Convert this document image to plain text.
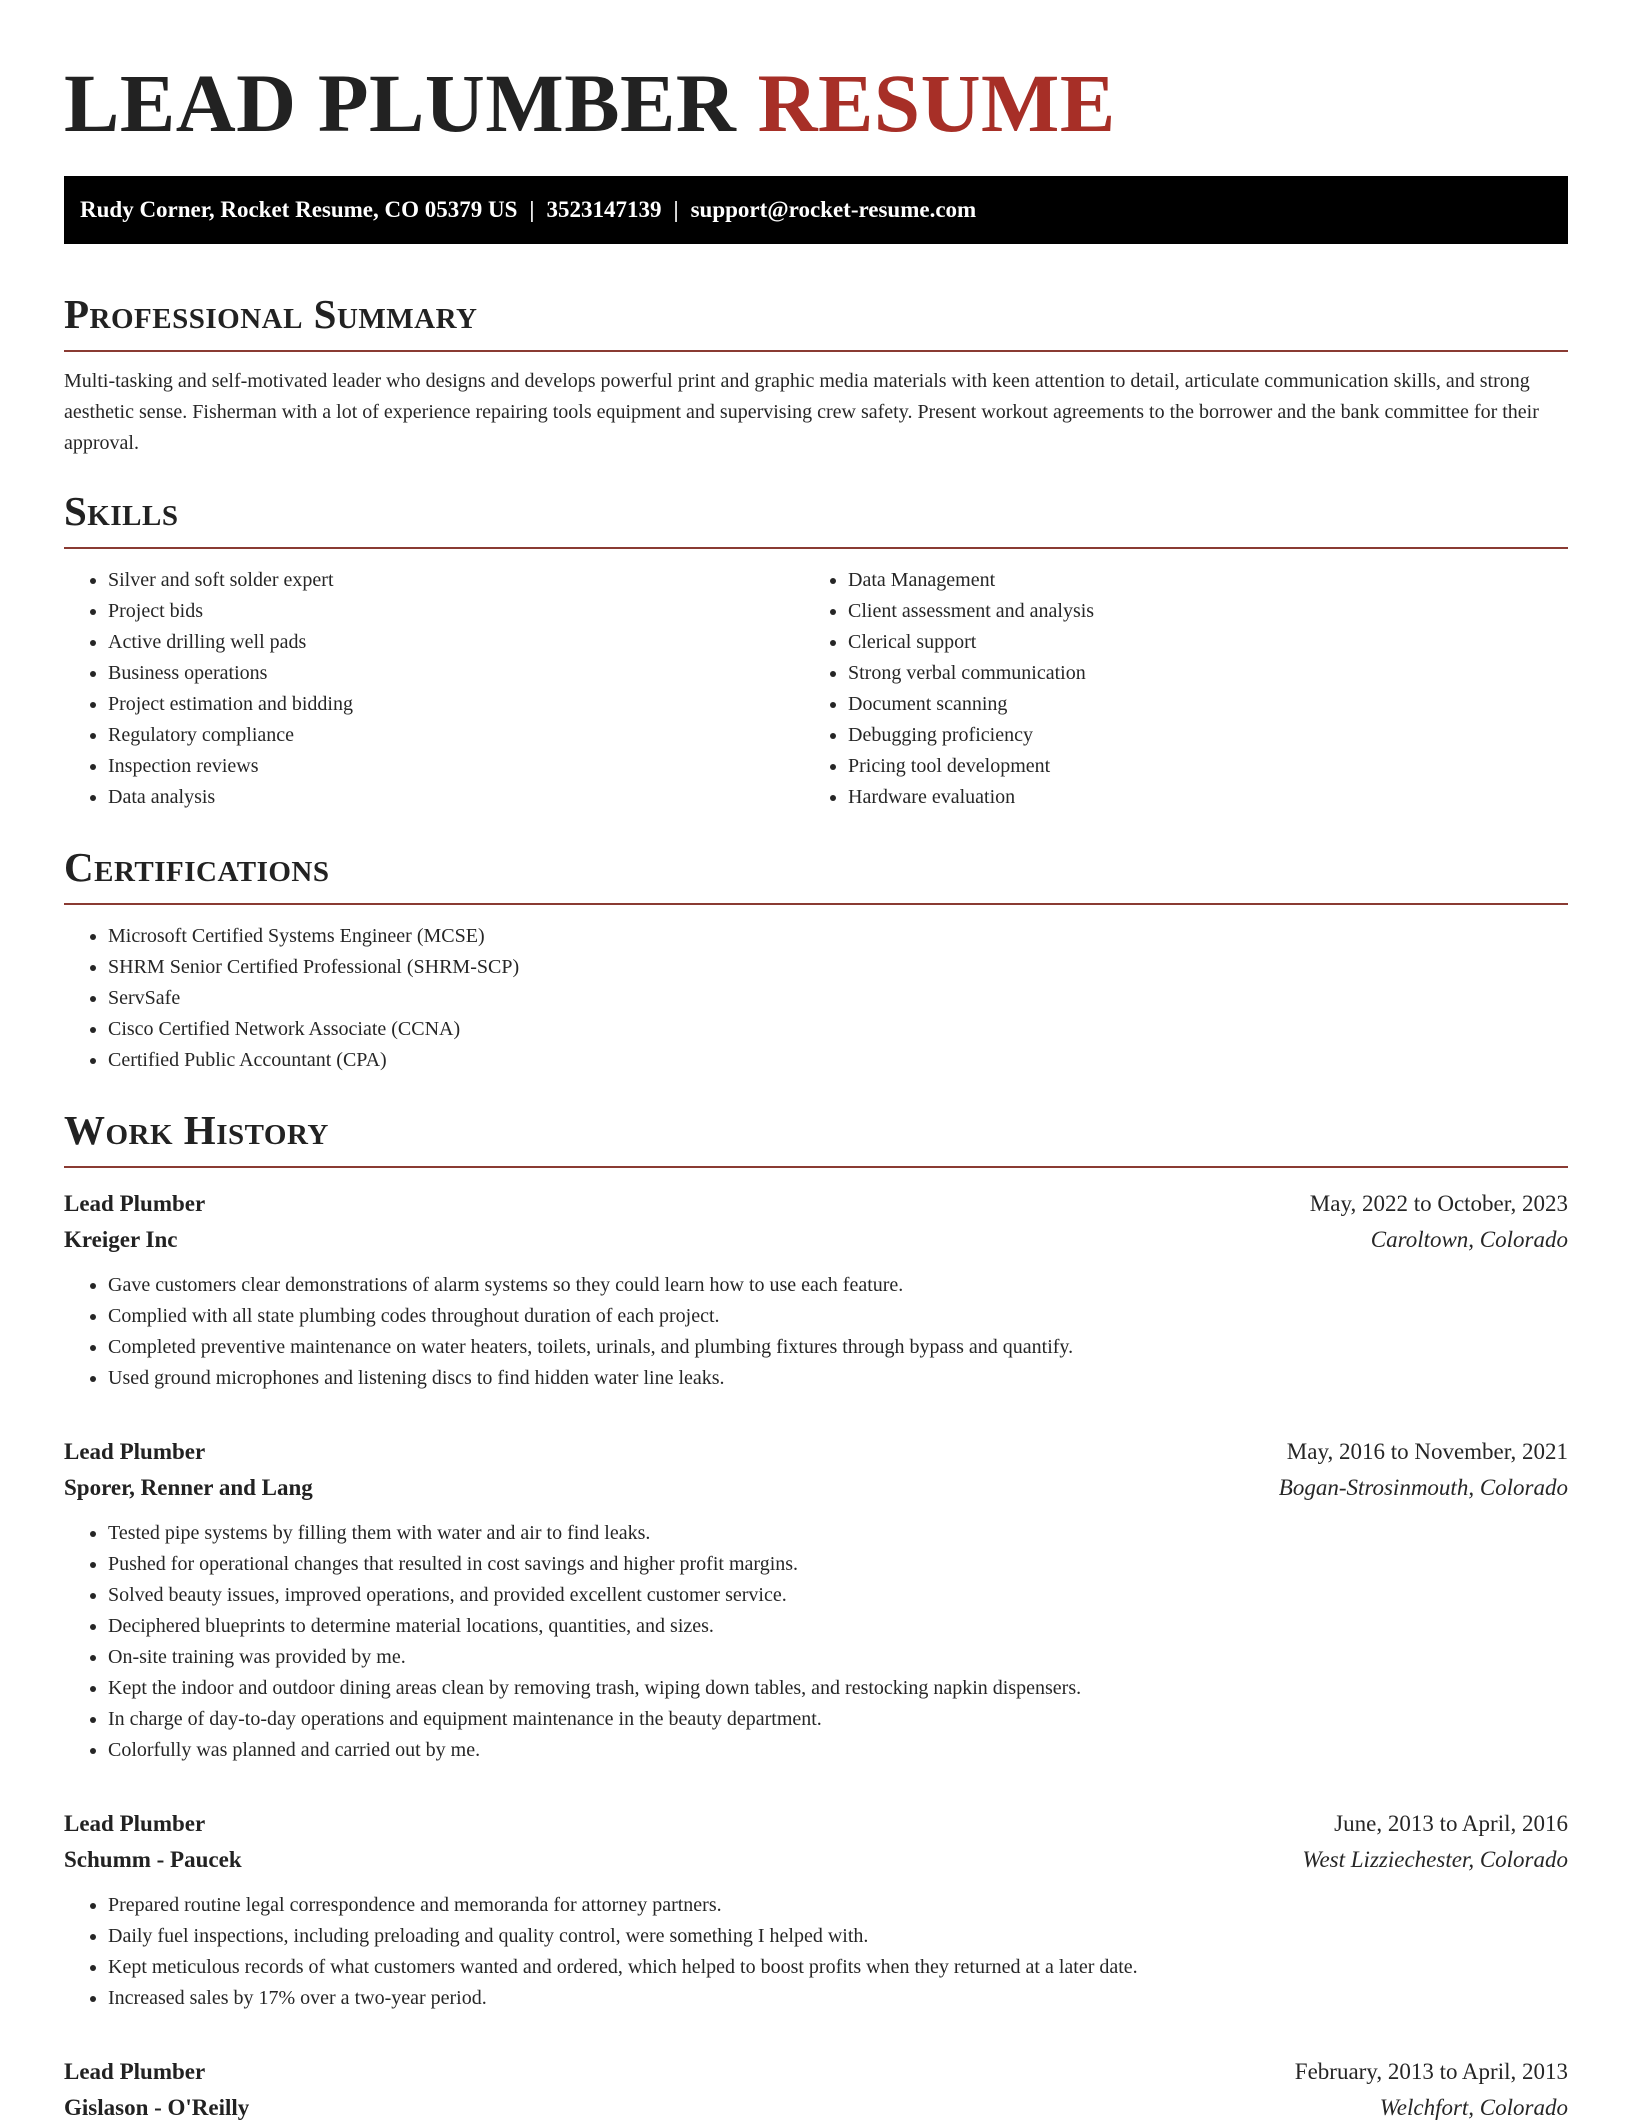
LEAD PLUMBER RESUME
Rudy Corner, Rocket Resume, CO 05379 US | 3523147139 | support@rocket-resume.com
Professional Summary

Multi-tasking and self-motivated leader who designs and develops powerful print and graphic media materials with keen attention to detail, articulate communication skills, and strong aesthetic sense. Fisherman with a lot of experience repairing tools equipment and supervising crew safety. Present workout agreements to the borrower and the bank committee for their approval.

Skills
• Silver and soft solder expert
• Project bids
• Active drilling well pads
• Business operations
• Project estimation and bidding
• Regulatory compliance
• Inspection reviews
• Data analysis
• Data Management
• Client assessment and analysis
• Clerical support
• Strong verbal communication
• Document scanning
• Debugging proficiency
• Pricing tool development
• Hardware evaluation
Certifications
• Microsoft Certified Systems Engineer (MCSE)
• SHRM Senior Certified Professional (SHRM-SCP)
• ServSafe
• Cisco Certified Network Associate (CCNA)
• Certified Public Accountant (CPA)
Work History
Lead Plumber	May, 2022 to October, 2023
Kreiger Inc	Caroltown, Colorado
• Gave customers clear demonstrations of alarm systems so they could learn how to use each feature.
• Complied with all state plumbing codes throughout duration of each project.
• Completed preventive maintenance on water heaters, toilets, urinals, and plumbing fixtures through bypass and quantify.
• Used ground microphones and listening discs to find hidden water line leaks.
Lead Plumber	May, 2016 to November, 2021
Sporer, Renner and Lang	Bogan-Strosinmouth, Colorado
• Tested pipe systems by filling them with water and air to find leaks.
• Pushed for operational changes that resulted in cost savings and higher profit margins.
• Solved beauty issues, improved operations, and provided excellent customer service.
• Deciphered blueprints to determine material locations, quantities, and sizes.
• On-site training was provided by me.
• Kept the indoor and outdoor dining areas clean by removing trash, wiping down tables, and restocking napkin dispensers.
• In charge of day-to-day operations and equipment maintenance in the beauty department.
• Colorfully was planned and carried out by me.
Lead Plumber	June, 2013 to April, 2016
Schumm - Paucek	West Lizziechester, Colorado
• Prepared routine legal correspondence and memoranda for attorney partners.
• Daily fuel inspections, including preloading and quality control, were something I helped with.
• Kept meticulous records of what customers wanted and ordered, which helped to boost profits when they returned at a later date.
• Increased sales by 17% over a two-year period.
Lead Plumber	February, 2013 to April, 2013
Gislason - O'Reilly	Welchfort, Colorado
